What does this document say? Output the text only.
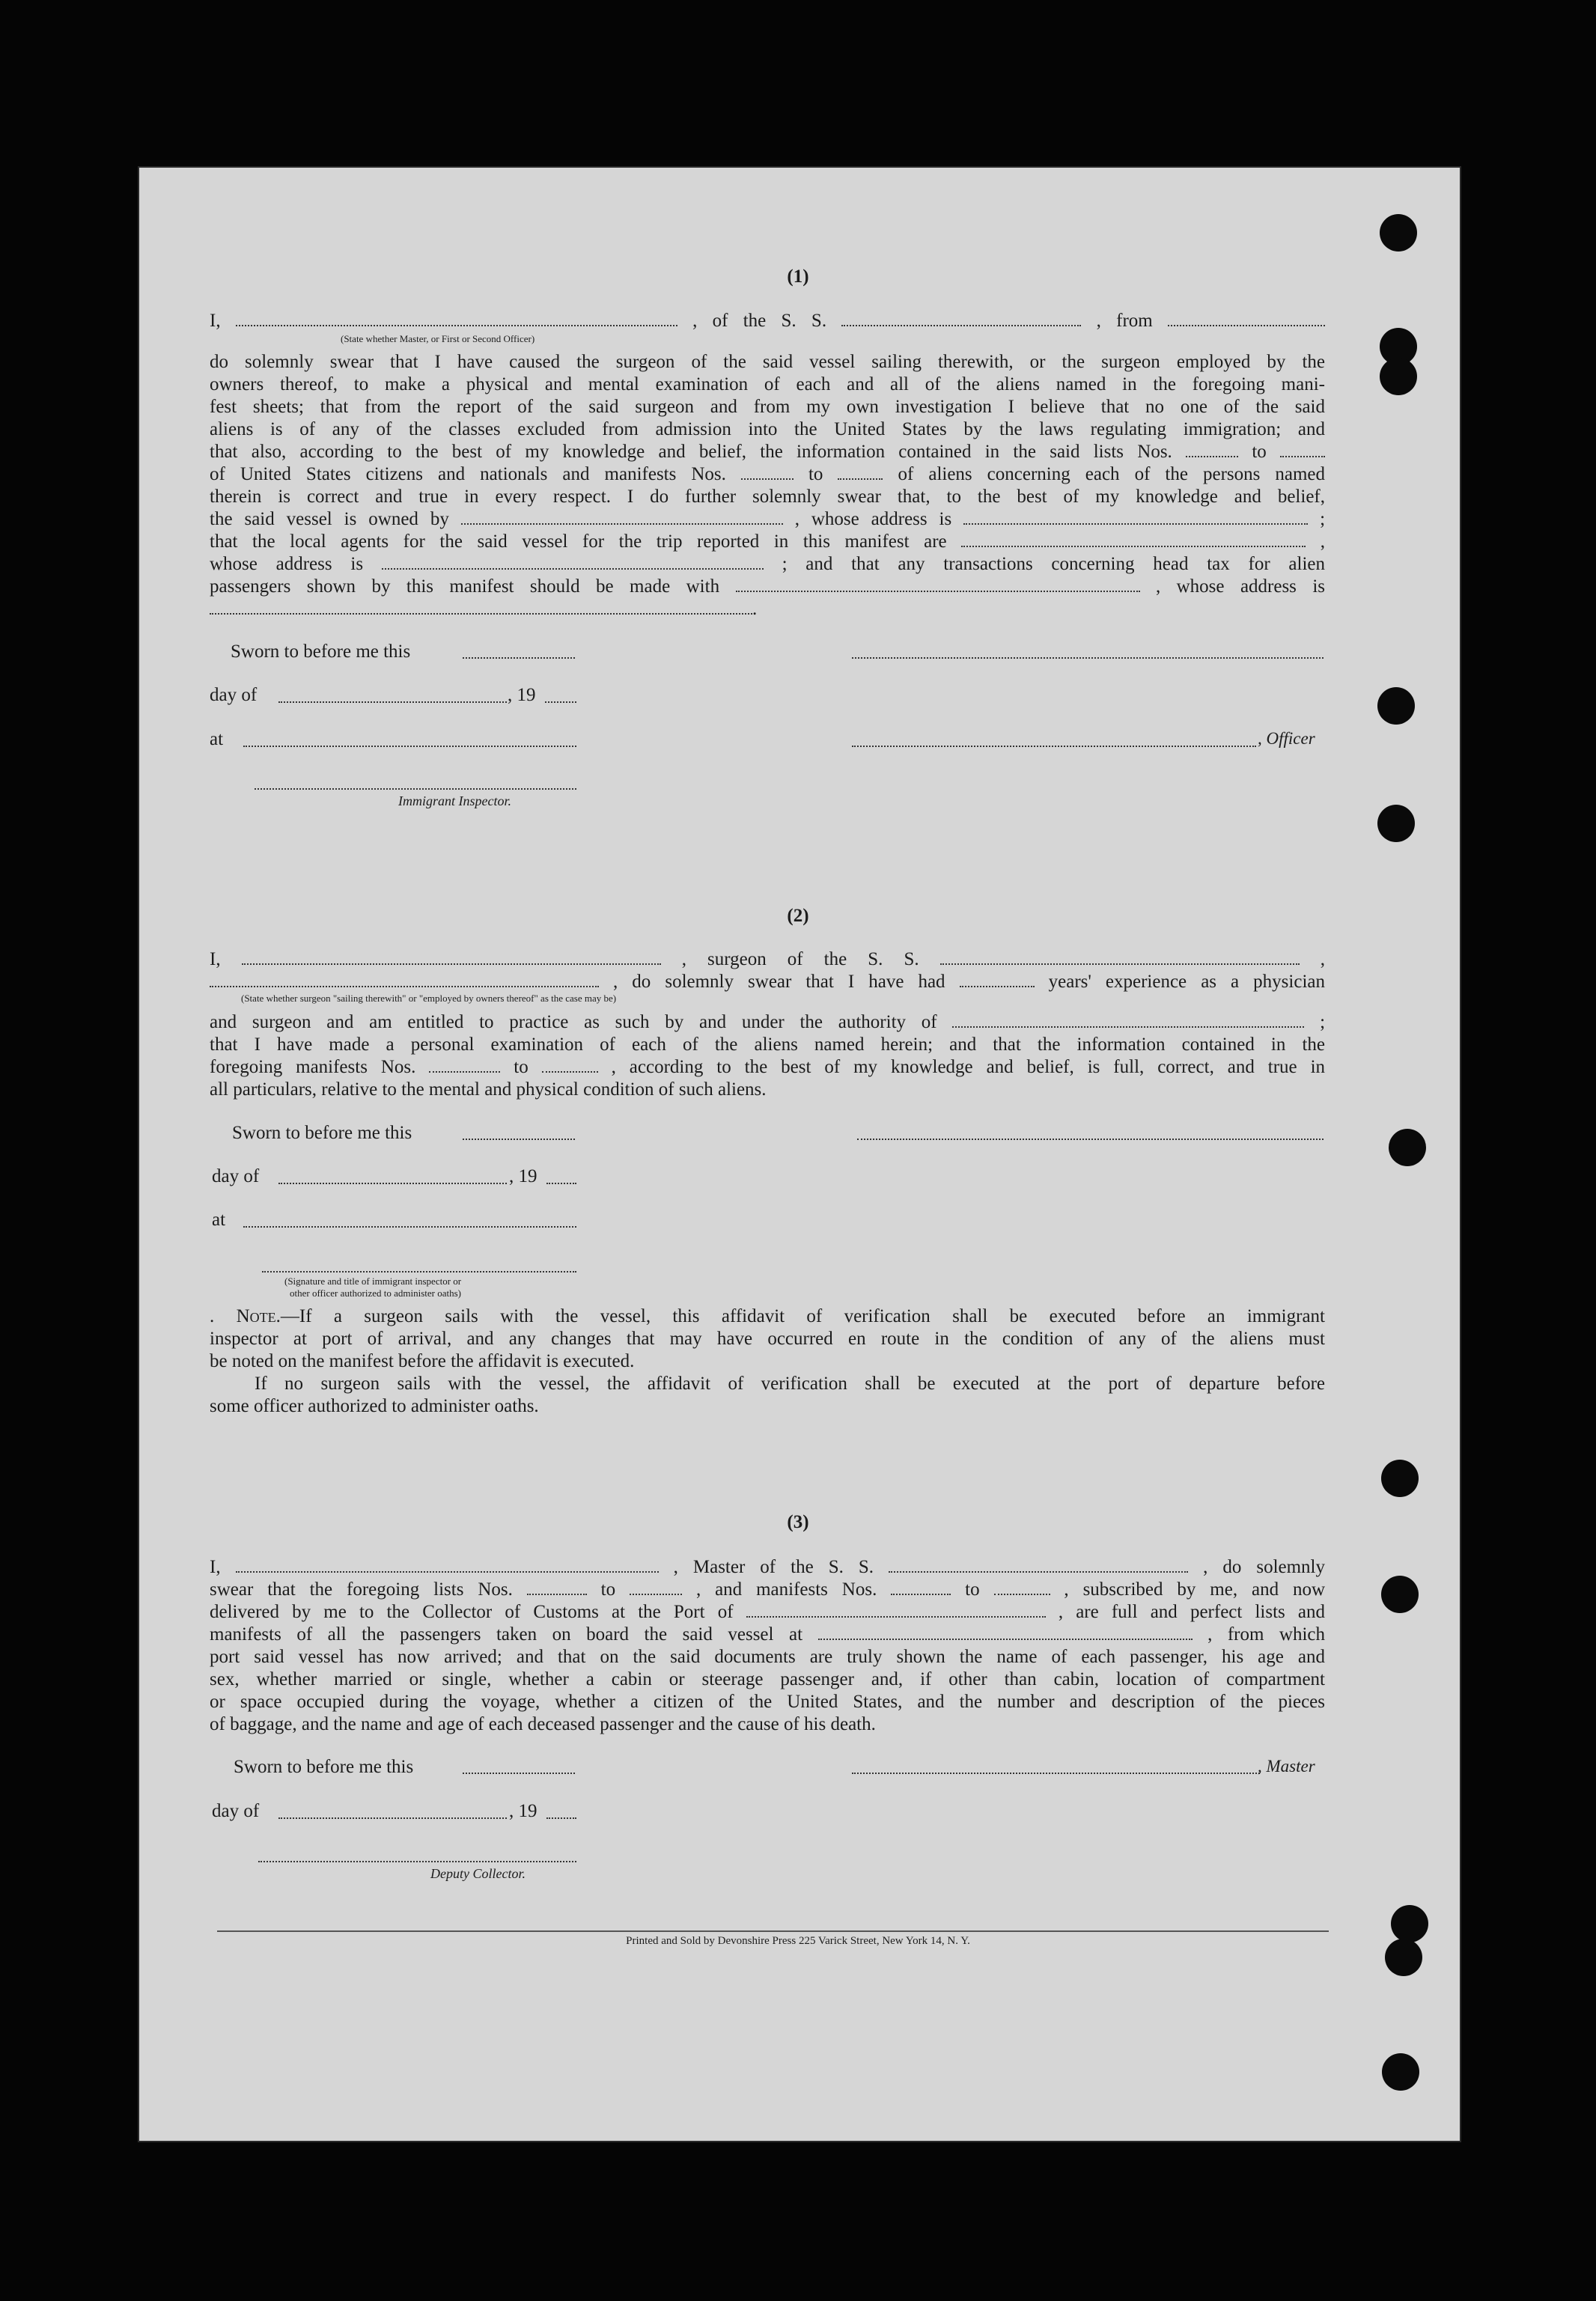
(1)
I,	, of the S. S.	, from
(State whether Master, or First or Second Officer)
do solemnly swear that I have caused the surgeon of the said vessel sailing therewith, or the surgeon employed by the
owners thereof, to make a physical and mental examination of each and all of the aliens named in the foregoing mani-
fest sheets; that from the report of the said surgeon and from my own investigation I believe that no one of the said
aliens is of any of the classes excluded from admission into the United States by the laws regulating immigration; and
that also, according to the best of my knowledge and belief, the information contained in the said lists Nos.	to
of United States citizens and nationals and manifests Nos.	to	of aliens concerning each of the persons named
therein is correct and true in every respect. I do further solemnly swear that, to the best of my knowledge and belief,
the said vessel is owned by	, whose address is	;
that the local agents for the said vessel for the trip reported in this manifest are	,
whose address is	; and that any transactions concerning head tax for alien
passengers shown by this manifest should be made with	, whose address is
.
Sworn to before me this
day of	, 19
at	, Officer
Immigrant Inspector.
(2)
I,	, surgeon of the S. S.	,
, do solemnly swear that I have had	years' experience as a physician
(State whether surgeon "sailing therewith" or "employed by owners thereof" as the case may be)
and surgeon and am entitled to practice as such by and under the authority of	;
that I have made a personal examination of each of the aliens named herein; and that the information contained in the
foregoing manifests Nos.	to	, according to the best of my knowledge and belief, is full, correct, and true in
all particulars, relative to the mental and physical condition of such aliens.
Sworn to before me this
day of	, 19
at
(Signature and title of immigrant inspector or
other officer authorized to administer oaths)
. Note.—If a surgeon sails with the vessel, this affidavit of verification shall be executed before an immigrant
inspector at port of arrival, and any changes that may have occurred en route in the condition of any of the aliens must
be noted on the manifest before the affidavit is executed.
If no surgeon sails with the vessel, the affidavit of verification shall be executed at the port of departure before
some officer authorized to administer oaths.
(3)
I,	, Master of the S. S.	, do solemnly
swear that the foregoing lists Nos.	to	, and manifests Nos.	to	, subscribed by me, and now
delivered by me to the Collector of Customs at the Port of	, are full and perfect lists and
manifests of all the passengers taken on board the said vessel at	, from which
port said vessel has now arrived; and that on the said documents are truly shown the name of each passenger, his age and
sex, whether married or single, whether a cabin or steerage passenger and, if other than cabin, location of compartment
or space occupied during the voyage, whether a citizen of the United States, and the number and description of the pieces
of baggage, and the name and age of each deceased passenger and the cause of his death.
Sworn to before me this	, Master
day of	, 19
Deputy Collector.
Printed and Sold by Devonshire Press 225 Varick Street, New York 14, N. Y.
